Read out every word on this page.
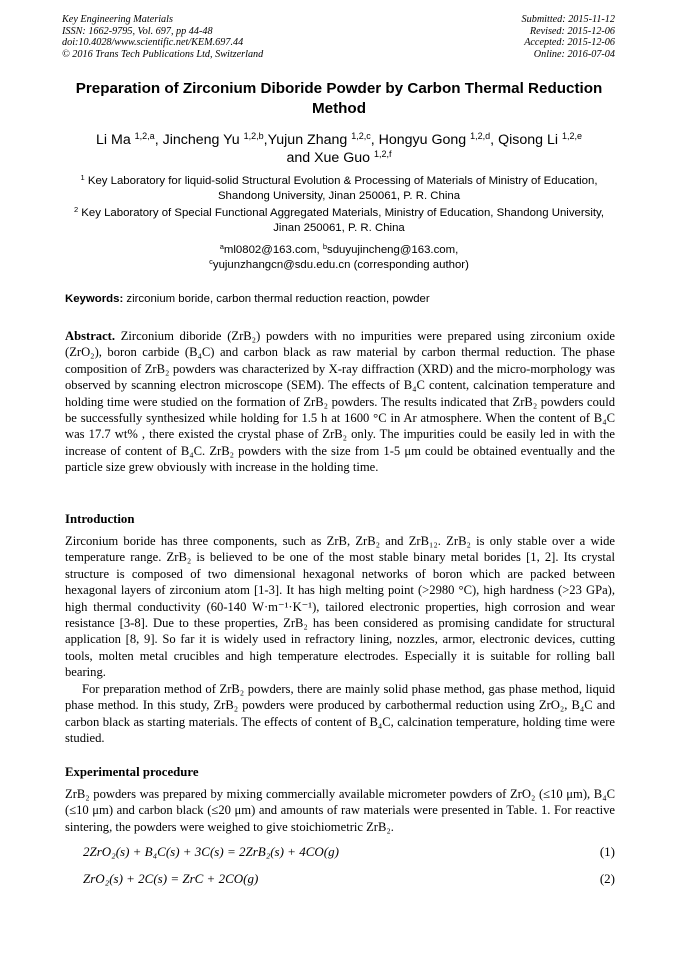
Key Engineering Materials
ISSN: 1662-9795, Vol. 697, pp 44-48
doi:10.4028/www.scientific.net/KEM.697.44
© 2016 Trans Tech Publications Ltd, Switzerland
Submitted: 2015-11-12
Revised: 2015-12-06
Accepted: 2015-12-06
Online: 2016-07-04
Preparation of Zirconium Diboride Powder by Carbon Thermal Reduction Method
Li Ma $^{1,2,a}$, Jincheng Yu $^{1,2,b}$,Yujun Zhang $^{1,2,c}$, Hongyu Gong $^{1,2,d}$, Qisong Li $^{1,2,e}$
and Xue Guo $^{1,2,f}$
$^1$ Key Laboratory for liquid-solid Structural Evolution & Processing of Materials of Ministry of Education, Shandong University, Jinan 250061, P. R. China
$^2$ Key Laboratory of Special Functional Aggregated Materials, Ministry of Education, Shandong University, Jinan 250061, P. R. China
$^a$ml0802@163.com, $^b$sduyujincheng@163.com,
$^c$yujunzhangcn@sdu.edu.cn (corresponding author)
Keywords: zirconium boride, carbon thermal reduction reaction, powder
Abstract. Zirconium diboride (ZrB₂) powders with no impurities were prepared using zirconium oxide (ZrO₂), boron carbide (B₄C) and carbon black as raw material by carbon thermal reduction. The phase composition of ZrB₂ powders was characterized by X-ray diffraction (XRD) and the micro-morphology was observed by scanning electron microscope (SEM). The effects of B₄C content, calcination temperature and holding time were studied on the formation of ZrB₂ powders. The results indicated that ZrB₂ powders could be successfully synthesized while holding for 1.5 h at 1600 °C in Ar atmosphere. When the content of B₄C was 17.7 wt% , there existed the crystal phase of ZrB₂ only. The impurities could be easily led in with the increase of content of B₄C. ZrB₂ powders with the size from 1-5 μm could be obtained eventually and the particle size grew obviously with increase in the holding time.
Introduction
Zirconium boride has three components, such as ZrB, ZrB₂ and ZrB₁₂. ZrB₂ is only stable over a wide temperature range. ZrB₂ is believed to be one of the most stable binary metal borides [1, 2]. Its crystal structure is composed of two dimensional hexagonal networks of boron which are packed between hexagonal layers of zirconium atom [1-3]. It has high melting point (>2980 °C), high hardness (>23 GPa), high thermal conductivity (60-140 W·m⁻¹·K⁻¹), tailored electronic properties, high corrosion and wear resistance [3-8]. Due to these properties, ZrB₂ has been considered as promising candidate for structural application [8, 9]. So far it is widely used in refractory lining, nozzles, armor, electronic devices, cutting tools, molten metal crucibles and high temperature electrodes. Especially it is suitable for rolling ball bearing.
For preparation method of ZrB₂ powders, there are mainly solid phase method, gas phase method, liquid phase method. In this study, ZrB₂ powders were produced by carbothermal reduction using ZrO₂, B₄C and carbon black as starting materials. The effects of content of B₄C, calcination temperature, holding time were studied.
Experimental procedure
ZrB₂ powders was prepared by mixing commercially available micrometer powders of ZrO₂ (≤10 μm), B₄C (≤10 μm) and carbon black (≤20 μm) and amounts of raw materials were presented in Table. 1. For reactive sintering, the powders were weighed to give stoichiometric ZrB₂.
2ZrO₂(s) + B₄C(s) + 3C(s) = 2ZrB₂(s) + 4CO(g)	(1)
ZrO₂(s) + 2C(s) = ZrC + 2CO(g)	(2)
